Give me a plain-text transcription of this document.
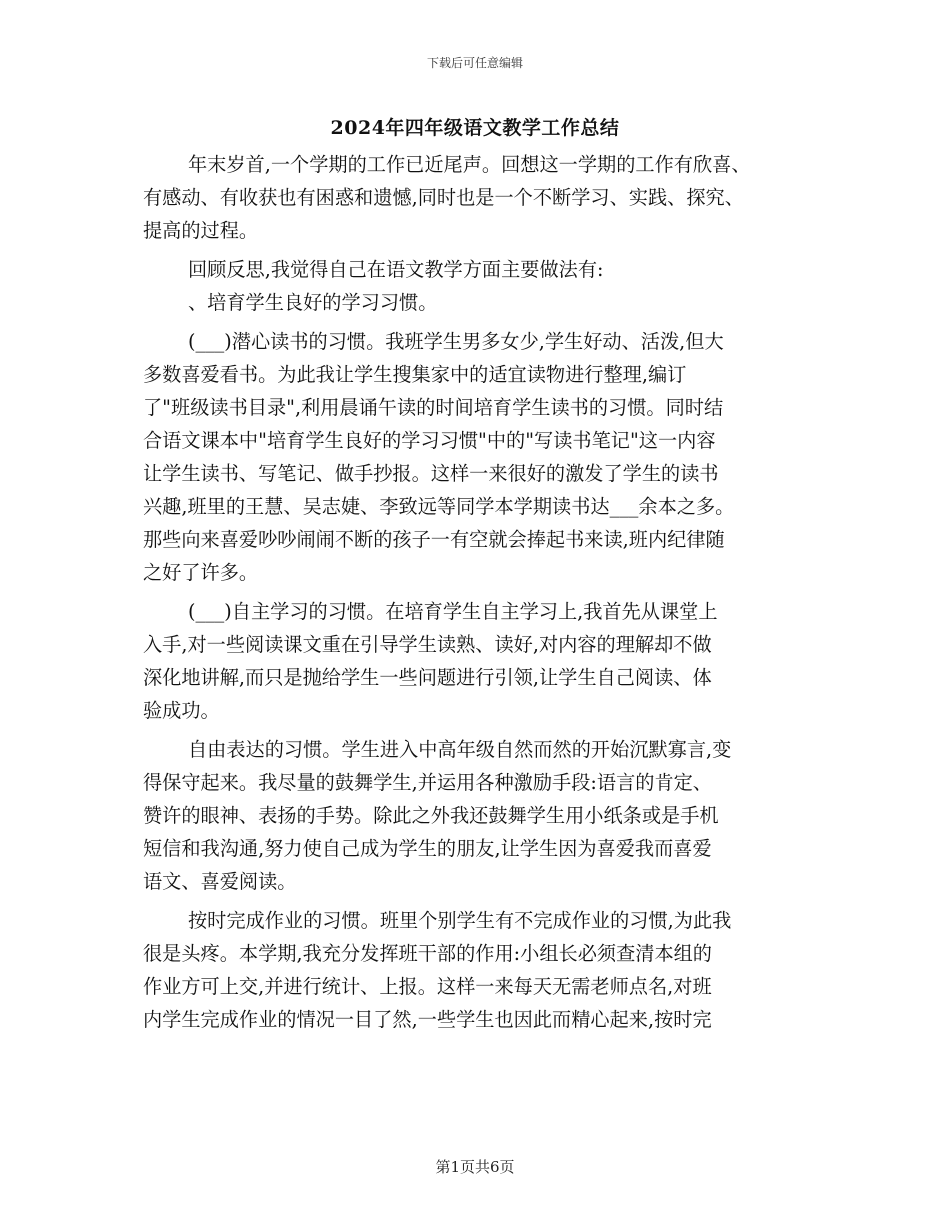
下载后可任意编辑
2024年四年级语文教学工作总结
年末岁首,一个学期的工作已近尾声。回想这一学期的工作有欣喜、
有感动、有收获也有困惑和遗憾,同时也是一个不断学习、实践、探究、
提高的过程。
回顾反思,我觉得自己在语文教学方面主要做法有:
、培育学生良好的学习习惯。
(___)潜心读书的习惯。我班学生男多女少,学生好动、活泼,但大
多数喜爱看书。为此我让学生搜集家中的适宜读物进行整理,编订
了"班级读书目录",利用晨诵午读的时间培育学生读书的习惯。同时结
合语文课本中"培育学生良好的学习习惯"中的"写读书笔记"这一内容
让学生读书、写笔记、做手抄报。这样一来很好的激发了学生的读书
兴趣,班里的王慧、吴志婕、李致远等同学本学期读书达___余本之多。
那些向来喜爱吵吵闹闹不断的孩子一有空就会捧起书来读,班内纪律随
之好了许多。
(___)自主学习的习惯。在培育学生自主学习上,我首先从课堂上
入手,对一些阅读课文重在引导学生读熟、读好,对内容的理解却不做
深化地讲解,而只是抛给学生一些问题进行引领,让学生自己阅读、体
验成功。
自由表达的习惯。学生进入中高年级自然而然的开始沉默寡言,变
得保守起来。我尽量的鼓舞学生,并运用各种激励手段:语言的肯定、
赞许的眼神、表扬的手势。除此之外我还鼓舞学生用小纸条或是手机
短信和我沟通,努力使自己成为学生的朋友,让学生因为喜爱我而喜爱
语文、喜爱阅读。
按时完成作业的习惯。班里个别学生有不完成作业的习惯,为此我
很是头疼。本学期,我充分发挥班干部的作用:小组长必须查清本组的
作业方可上交,并进行统计、上报。这样一来每天无需老师点名,对班
内学生完成作业的情况一目了然,一些学生也因此而精心起来,按时完
第1页共6页
